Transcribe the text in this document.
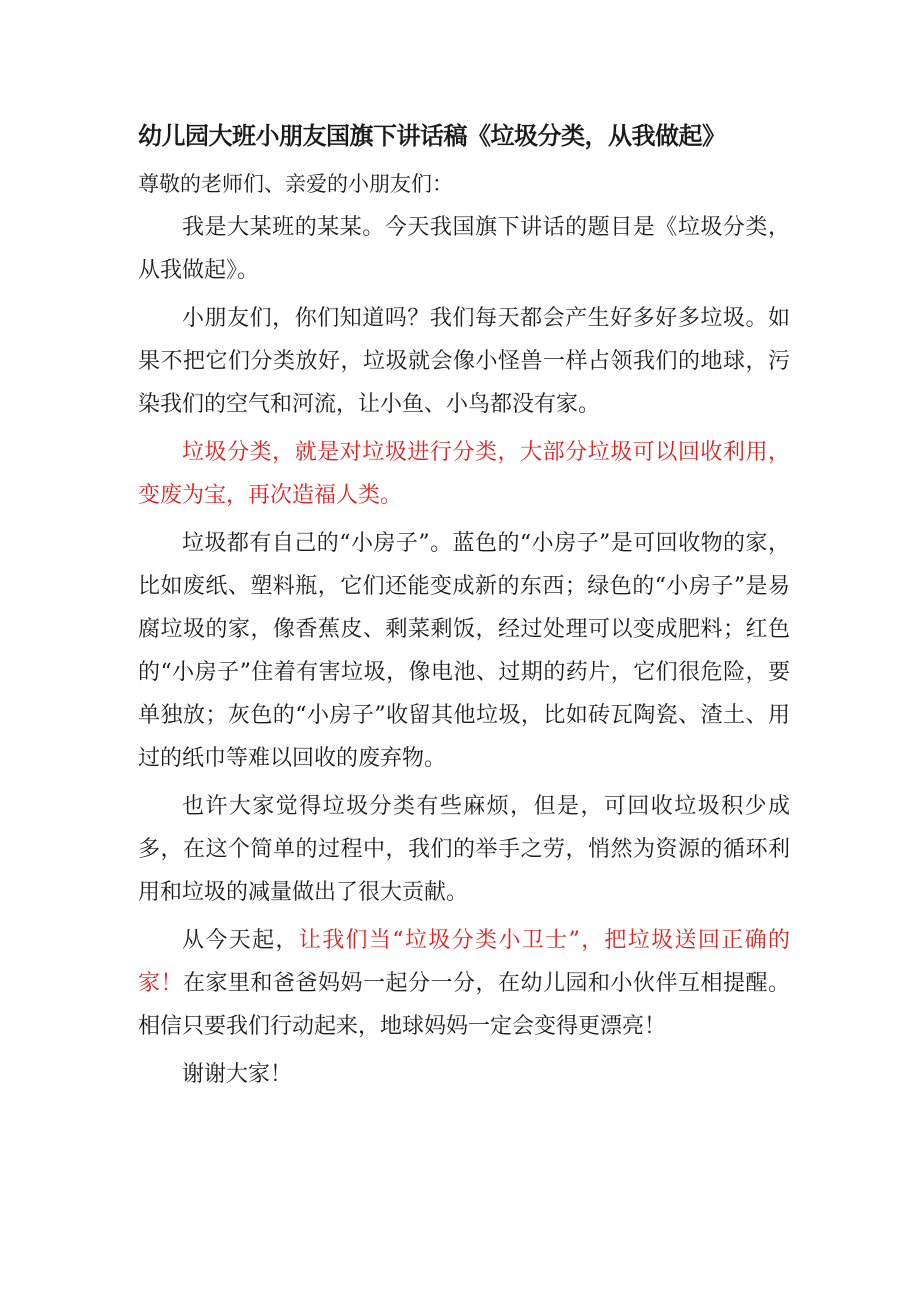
幼儿园大班小朋友国旗下讲话稿《垃圾分类，从我做起》

尊敬的老师们、亲爱的小朋友们：

我是大某班的某某。今天我国旗下讲话的题目是《垃圾分类，从我做起》。

小朋友们，你们知道吗？我们每天都会产生好多好多垃圾。如果不把它们分类放好，垃圾就会像小怪兽一样占领我们的地球，污染我们的空气和河流，让小鱼、小鸟都没有家。

垃圾分类，就是对垃圾进行分类，大部分垃圾可以回收利用，变废为宝，再次造福人类。

垃圾都有自己的“小房子”。蓝色的“小房子”是可回收物的家，比如废纸、塑料瓶，它们还能变成新的东西；绿色的“小房子”是易腐垃圾的家，像香蕉皮、剩菜剩饭，经过处理可以变成肥料；红色的“小房子”住着有害垃圾，像电池、过期的药片，它们很危险，要单独放；灰色的“小房子”收留其他垃圾，比如砖瓦陶瓷、渣土、用过的纸巾等难以回收的废弃物。

也许大家觉得垃圾分类有些麻烦，但是，可回收垃圾积少成多，在这个简单的过程中，我们的举手之劳，悄然为资源的循环利用和垃圾的减量做出了很大贡献。

从今天起，让我们当“垃圾分类小卫士”，把垃圾送回正确的家！在家里和爸爸妈妈一起分一分，在幼儿园和小伙伴互相提醒。相信只要我们行动起来，地球妈妈一定会变得更漂亮！

谢谢大家！
